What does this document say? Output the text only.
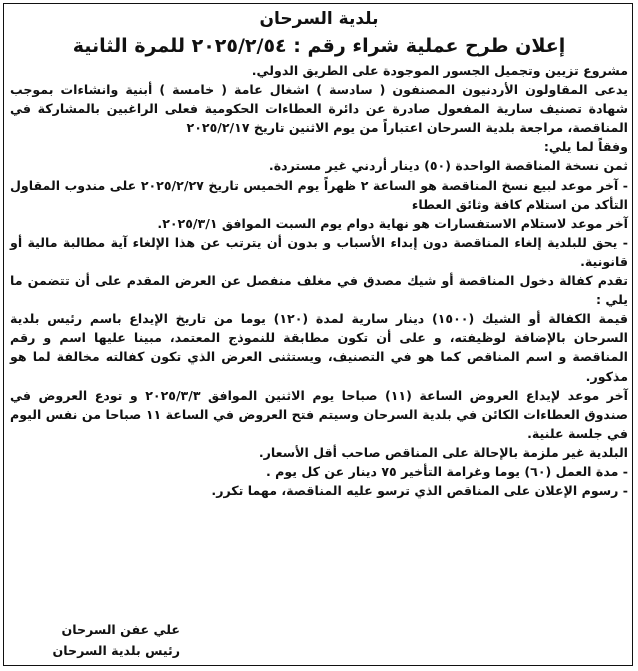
بلدية السرحان

إعلان طرح عملية شراء رقم : ٢٠٢٥/٢/٥٤ للمرة الثانية

مشروع تزيين وتجميل الجسور الموجودة على الطريق الدولي.

يدعى المقاولون الأردنيون المصنفون ( سادسة ) اشغال عامة ( خامسة ) أبنية وانشاءات بموجب شهادة تصنيف سارية المفعول صادرة عن دائرة العطاءات الحكومية فعلى الراغبين بالمشاركة في المناقصة، مراجعة بلدية السرحان اعتباراً من يوم الاثنين تاريخ ٢٠٢٥/٢/١٧

وفقاً لما يلي:

ثمن نسخة المناقصة الواحدة (٥٠) دينار أردني غير مستردة.

- آخر موعد لبيع نسخ المناقصة هو الساعة ٢ ظهراً يوم الخميس تاريخ ٢٠٢٥/٢/٢٧ على مندوب المقاول التأكد من استلام كافة وثائق العطاء

آخر موعد لاستلام الاستفسارات هو نهاية دوام يوم السبت الموافق ٢٠٢٥/٣/١.

- يحق للبلدية إلغاء المناقصة دون إبداء الأسباب و بدون أن يترتب عن هذا الإلغاء آية مطالبة مالية أو قانونية.

تقدم كفالة دخول المناقصة أو شيك مصدق في مغلف منفصل عن العرض المقدم على أن تتضمن ما يلي :

قيمة الكفالة أو الشيك (١٥٠٠) دينار سارية لمدة (١٢٠) يوما من تاريخ الإيداع باسم رئيس بلدية السرحان بالإضافة لوظيفته، و على أن تكون مطابقة للنموذج المعتمد، مبينا عليها اسم و رقم المناقصة و اسم المناقص كما هو في التصنيف، ويستثنى العرض الذي تكون كفالته مخالفة لما هو مذكور.

آخر موعد لإيداع العروض الساعة (١١) صباحا يوم الاثنين الموافق ٢٠٢٥/٣/٣ و تودع العروض في صندوق العطاءات الكائن في بلدية السرحان وسيتم فتح العروض في الساعة ١١ صباحا من نفس اليوم في جلسة علنية.

البلدية غير ملزمة بالإحالة على المناقص صاحب أقل الأسعار.

- مدة العمل (٦٠) يوما وغرامة التأخير ٧٥ دينار عن كل يوم .

- رسوم الإعلان على المناقص الذي ترسو عليه المناقصة، مهما تكرر.

علي عفن السرحان
رئيس بلدية السرحان
